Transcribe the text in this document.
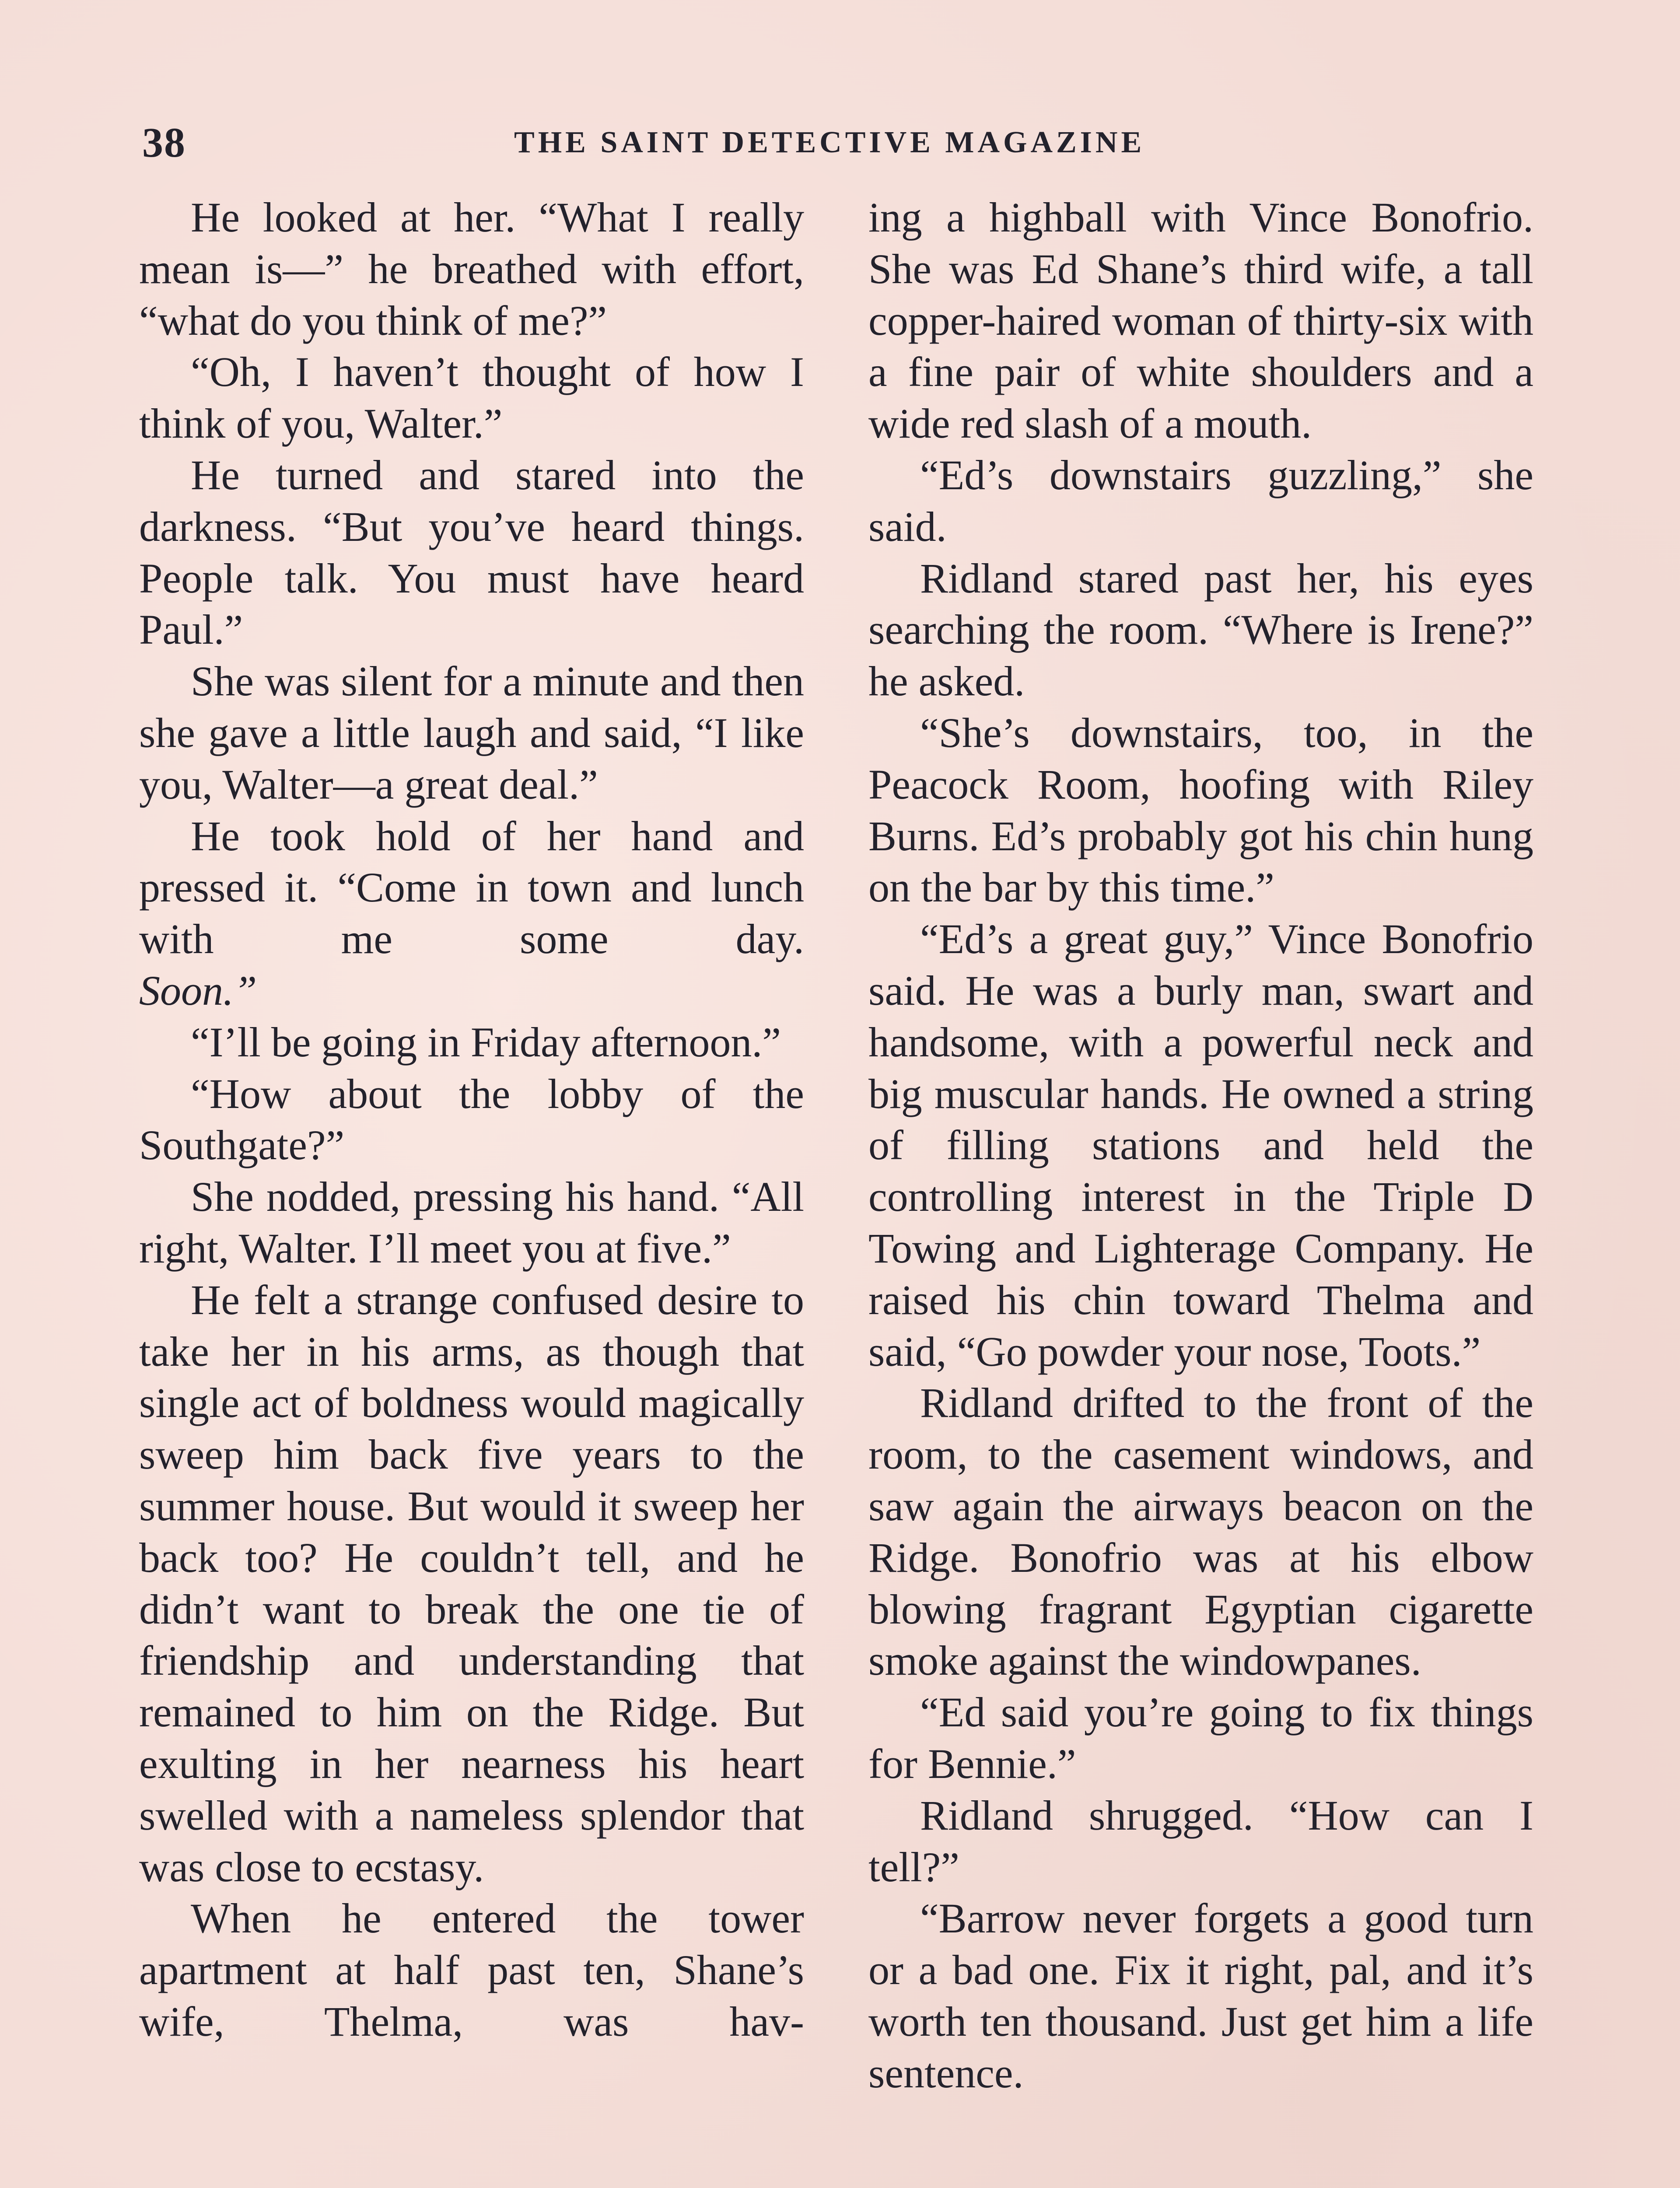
38	THE SAINT DETECTIVE MAGAZINE

He looked at her. “What I really mean is—” he breathed with effort, “what do you think of me?”

“Oh, I haven’t thought of how I think of you, Walter.”

He turned and stared into the darkness. “But you’ve heard things. People talk. You must have heard Paul.”

She was silent for a minute and then she gave a little laugh and said, “I like you, Walter—a great deal.”

He took hold of her hand and pressed it. “Come in town and lunch with me some day.

Soon.”

“I’ll be going in Friday afternoon.”

“How about the lobby of the Southgate?”

She nodded, pressing his hand. “All right, Walter. I’ll meet you at five.”

He felt a strange confused desire to take her in his arms, as though that single act of boldness would magically sweep him back five years to the summer house. But would it sweep her back too? He couldn’t tell, and he didn’t want to break the one tie of friendship and understanding that remained to him on the Ridge. But exulting in her nearness his heart swelled with a nameless splendor that was close to ecstasy.

When he entered the tower apartment at half past ten, Shane’s wife, Thelma, was hav-

ing a highball with Vince Bonofrio. She was Ed Shane’s third wife, a tall copper-haired woman of thirty-six with a fine pair of white shoulders and a wide red slash of a mouth.

“Ed’s downstairs guzzling,” she said.

Ridland stared past her, his eyes searching the room. “Where is Irene?” he asked.

“She’s downstairs, too, in the Peacock Room, hoofing with Riley Burns. Ed’s probably got his chin hung on the bar by this time.”

“Ed’s a great guy,” Vince Bonofrio said. He was a burly man, swart and handsome, with a powerful neck and big muscular hands. He owned a string of filling stations and held the controlling interest in the Triple D Towing and Lighterage Company. He raised his chin toward Thelma and said, “Go powder your nose, Toots.”

Ridland drifted to the front of the room, to the casement windows, and saw again the airways beacon on the Ridge. Bonofrio was at his elbow blowing fragrant Egyptian cigarette smoke against the windowpanes.

“Ed said you’re going to fix things for Bennie.”

Ridland shrugged. “How can I tell?”

“Barrow never forgets a good turn or a bad one. Fix it right, pal, and it’s worth ten thousand. Just get him a life sentence.
